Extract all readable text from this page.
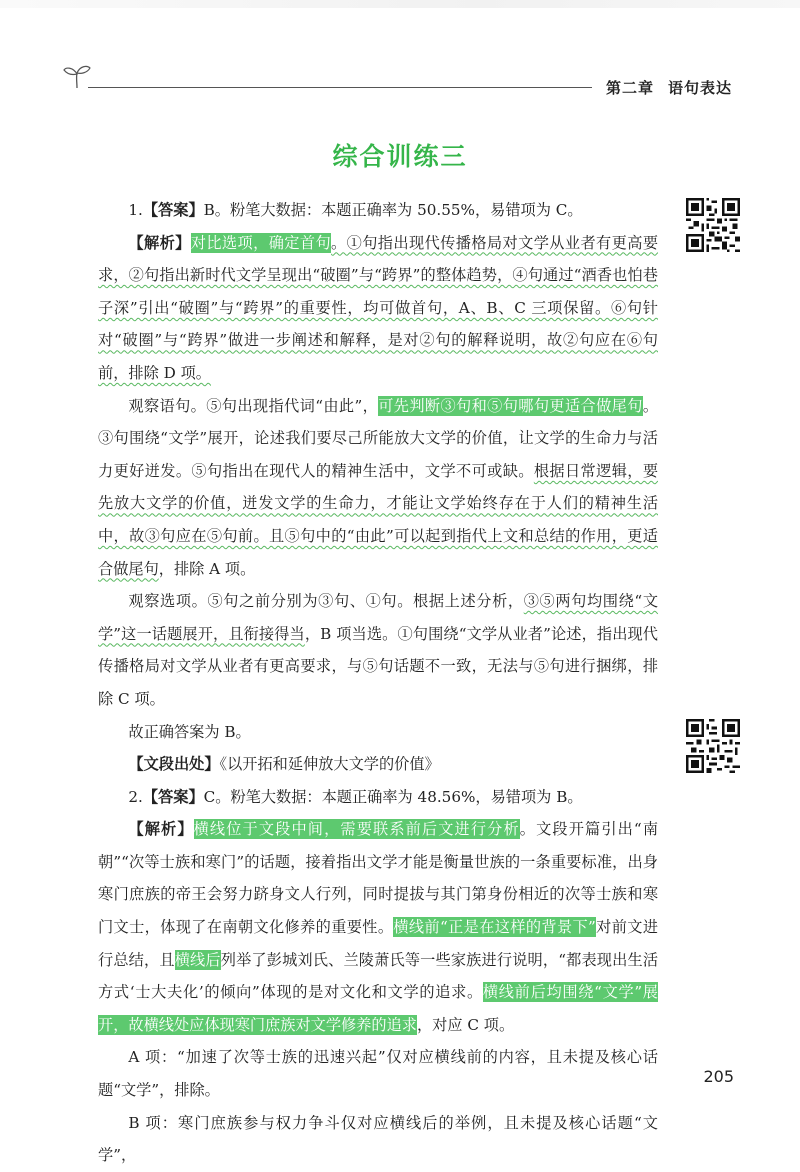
第二章 语句表达
综合训练三

1.【答案】B。粉笔大数据：本题正确率为 50.55%，易错项为 C。

【解析】对比选项，确定首句。①句指出现代传播格局对文学从业者有更高要求，②句指出新时代文学呈现出“破圈”与“跨界”的整体趋势，④句通过“酒香也怕巷子深”引出“破圈”与“跨界”的重要性，均可做首句，A、B、C 三项保留。⑥句针对“破圈”与“跨界”做进一步阐述和解释，是对②句的解释说明，故②句应在⑥句前，排除 D 项。

观察语句。⑤句出现指代词“由此”，可先判断③句和⑤句哪句更适合做尾句。③句围绕“文学”展开，论述我们要尽己所能放大文学的价值，让文学的生命力与活力更好迸发。⑤句指出在现代人的精神生活中，文学不可或缺。根据日常逻辑，要先放大文学的价值，迸发文学的生命力，才能让文学始终存在于人们的精神生活中，故③句应在⑤句前。且⑤句中的“由此”可以起到指代上文和总结的作用，更适合做尾句，排除 A 项。

观察选项。⑤句之前分别为③句、①句。根据上述分析，③⑤两句均围绕“文学”这一话题展开，且衔接得当，B 项当选。①句围绕“文学从业者”论述，指出现代传播格局对文学从业者有更高要求，与⑤句话题不一致，无法与⑤句进行捆绑，排除 C 项。

故正确答案为 B。

【文段出处】《以开拓和延伸放大文学的价值》

2.【答案】C。粉笔大数据：本题正确率为 48.56%，易错项为 B。

【解析】横线位于文段中间，需要联系前后文进行分析。文段开篇引出“南朝”“次等士族和寒门”的话题，接着指出文学才能是衡量世族的一条重要标准，出身寒门庶族的帝王会努力跻身文人行列，同时提拔与其门第身份相近的次等士族和寒门文士，体现了在南朝文化修养的重要性。横线前“正是在这样的背景下”对前文进行总结，且横线后列举了彭城刘氏、兰陵萧氏等一些家族进行说明，“都表现出生活方式‘士大夫化’的倾向”体现的是对文化和文学的追求。横线前后均围绕“文学”展开，故横线处应体现寒门庶族对文学修养的追求，对应 C 项。

A 项：“加速了次等士族的迅速兴起”仅对应横线前的内容，且未提及核心话题“文学”，排除。

B 项：寒门庶族参与权力争斗仅对应横线后的举例，且未提及核心话题“文学”，

205
